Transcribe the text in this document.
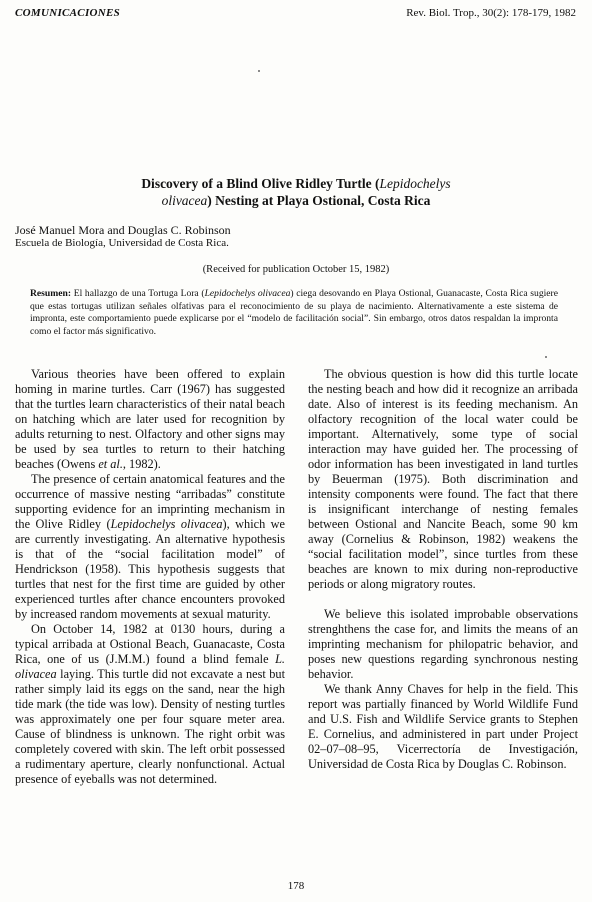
COMUNICACIONES	Rev. Biol. Trop., 30(2): 178-179, 1982
Discovery of a Blind Olive Ridley Turtle (Lepidochelys
olivacea) Nesting at Playa Ostional, Costa Rica
José Manuel Mora and Douglas C. Robinson
Escuela de Biología, Universidad de Costa Rica.
(Received for publication October 15, 1982)
Resumen: El hallazgo de una Tortuga Lora (Lepidochelys olivacea) ciega desovando en Playa Ostional, Guanacaste, Costa Rica sugiere que estas tortugas utilizan señales olfativas para el reconocimiento de su playa de nacimiento. Alternativamente a este sistema de impronta, este comportamiento puede explicarse por el “modelo de facilitación social”. Sin embargo, otros datos respaldan la impronta como el factor más significativo.

Various theories have been offered to explain homing in marine turtles. Carr (1967) has suggested that the turtles learn characteristics of their natal beach on hatching which are later used for recognition by adults returning to nest. Olfactory and other signs may be used by sea turtles to return to their hatching beaches (Owens et al., 1982).

The presence of certain anatomical features and the occurrence of massive nesting “arribadas” constitute supporting evidence for an imprinting mechanism in the Olive Ridley (Lepidochelys olivacea), which we are currently investigating. An alternative hypothesis is that of the “social facilitation model” of Hendrickson (1958). This hypothesis suggests that turtles that nest for the first time are guided by other experienced turtles after chance encounters provoked by increased random movements at sexual maturity.

On October 14, 1982 at 0130 hours, during a typical arribada at Ostional Beach, Guanacaste, Costa Rica, one of us (J.M.M.) found a blind female L. olivacea laying. This turtle did not excavate a nest but rather simply laid its eggs on the sand, near the high tide mark (the tide was low). Density of nesting turtles was approximately one per four square meter area. Cause of blindness is unknown. The right orbit was completely covered with skin. The left orbit possessed a rudimentary aperture, clearly nonfunctional. Actual presence of eyeballs was not determined.

The obvious question is how did this turtle locate the nesting beach and how did it recognize an arribada date. Also of interest is its feeding mechanism. An olfactory recognition of the local water could be important. Alternatively, some type of social interaction may have guided her. The processing of odor information has been investigated in land turtles by Beuerman (1975). Both discrimination and intensity components were found. The fact that there is insignificant interchange of nesting females between Ostional and Nancite Beach, some 90 km away (Cornelius & Robinson, 1982) weakens the “social facilitation model”, since turtles from these beaches are known to mix during non-reproductive periods or along migratory routes.

We believe this isolated improbable observations strenghthens the case for, and limits the means of an imprinting mechanism for philopatric behavior, and poses new questions regarding synchronous nesting behavior.

We thank Anny Chaves for help in the field. This report was partially financed by World Wildlife Fund and U.S. Fish and Wildlife Service grants to Stephen E. Cornelius, and administered in part under Project 02–07–08–95, Vicerrectoría de Investigación, Universidad de Costa Rica by Douglas C. Robinson.

178
